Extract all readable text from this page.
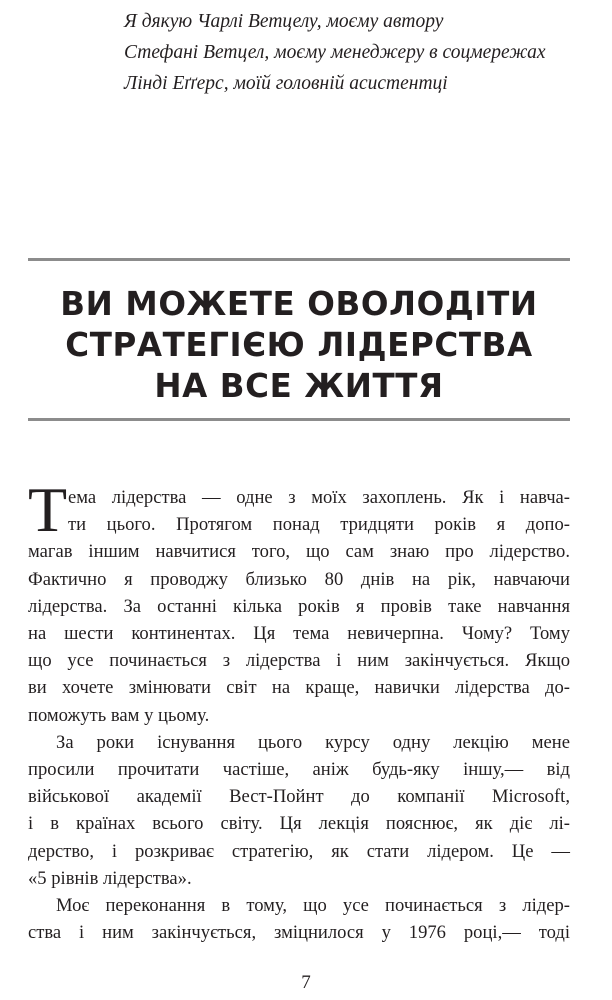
Я дякую Чарлі Ветцелу, моєму автору
Стефані Ветцел, моєму менеджеру в соцмережах
Лінді Еґґерс, моїй головній асистентці
ВИ МОЖЕТЕ ОВОЛОДІТИ
СТРАТЕГІЄЮ ЛІДЕРСТВА
НА ВСЕ ЖИТТЯ
Т ема лідерства — одне з моїх захоплень. Як і навча-
ти цього. Протягом понад тридцяти років я допо-
магав іншим навчитися того, що сам знаю про лідерство.
Фактично я проводжу близько 80 днів на рік, навчаючи
лідерства. За останні кілька років я провів таке навчання
на шести континентах. Ця тема невичерпна. Чому? Тому
що усе починається з лідерства і ним закінчується. Якщо
ви хочете змінювати світ на краще, навички лідерства до-
поможуть вам у цьому.
За роки існування цього курсу одну лекцію мене
просили прочитати частіше, аніж будь-яку іншу,— від
військової академії Вест-Пойнт до компанії Microsoft,
і в країнах всього світу. Ця лекція пояснює, як діє лі-
дерство, і розкриває стратегію, як стати лідером. Це —
«5 рівнів лідерства».
Моє переконання в тому, що усе починається з лідер-
ства і ним закінчується, зміцнилося у 1976 році,— тоді
7
